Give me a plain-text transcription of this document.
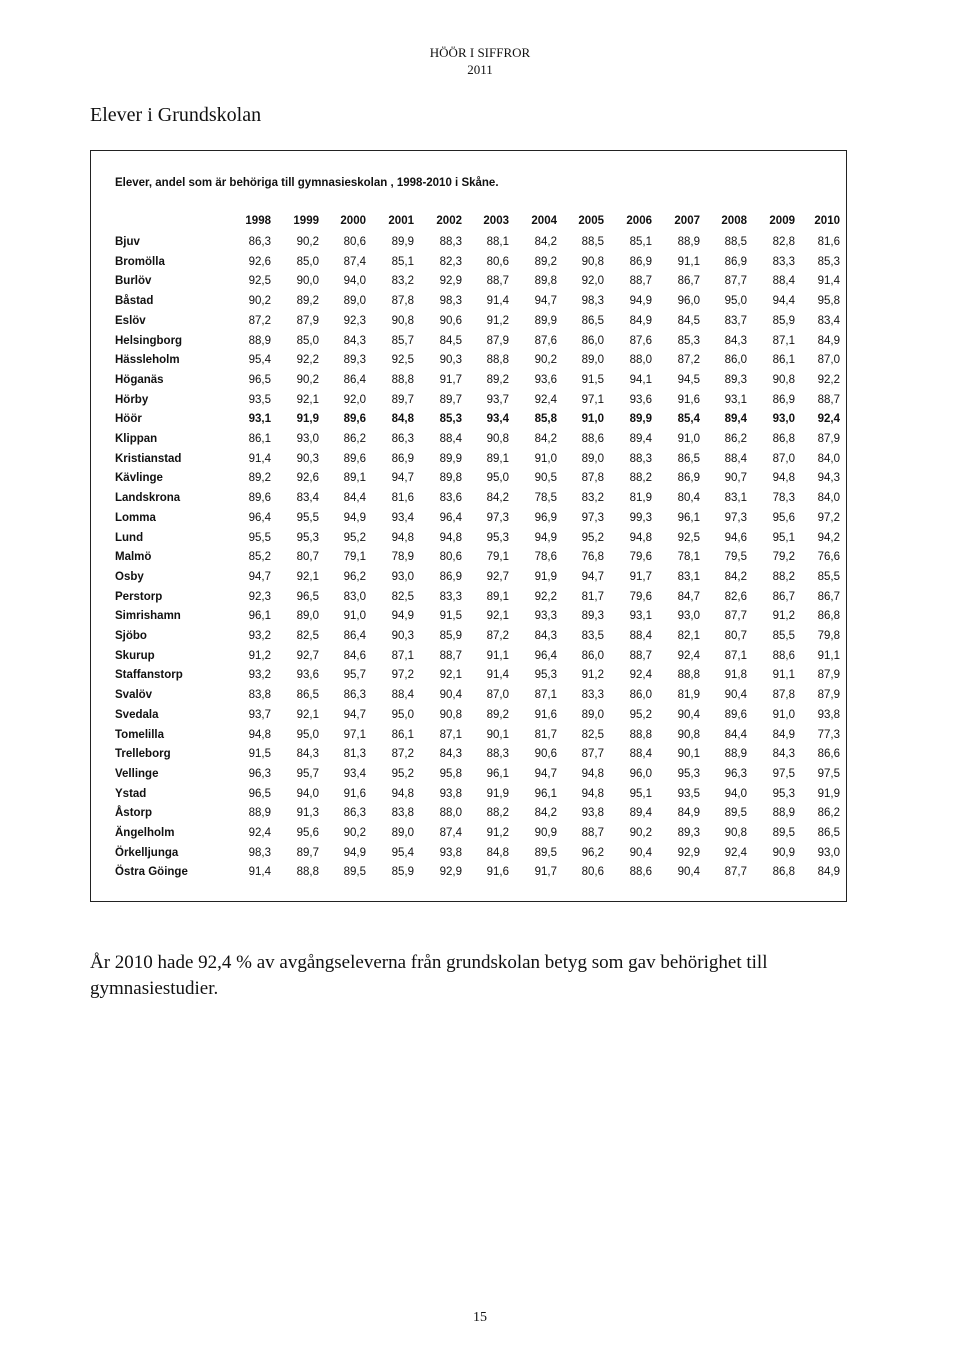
HÖÖR I SIFFROR
2011
Elever i Grundskolan
Elever, andel som är behöriga till gymnasieskolan , 1998-2010 i Skåne.
1998	1999	2000	2001	2002	2003	2004	2005	2006	2007	2008	2009	2010
Bjuv	86,3	90,2	80,6	89,9	88,3	88,1	84,2	88,5	85,1	88,9	88,5	82,8	81,6
Bromölla	92,6	85,0	87,4	85,1	82,3	80,6	89,2	90,8	86,9	91,1	86,9	83,3	85,3
Burlöv	92,5	90,0	94,0	83,2	92,9	88,7	89,8	92,0	88,7	86,7	87,7	88,4	91,4
Båstad	90,2	89,2	89,0	87,8	98,3	91,4	94,7	98,3	94,9	96,0	95,0	94,4	95,8
Eslöv	87,2	87,9	92,3	90,8	90,6	91,2	89,9	86,5	84,9	84,5	83,7	85,9	83,4
Helsingborg	88,9	85,0	84,3	85,7	84,5	87,9	87,6	86,0	87,6	85,3	84,3	87,1	84,9
Hässleholm	95,4	92,2	89,3	92,5	90,3	88,8	90,2	89,0	88,0	87,2	86,0	86,1	87,0
Höganäs	96,5	90,2	86,4	88,8	91,7	89,2	93,6	91,5	94,1	94,5	89,3	90,8	92,2
Hörby	93,5	92,1	92,0	89,7	89,7	93,7	92,4	97,1	93,6	91,6	93,1	86,9	88,7
Höör	93,1	91,9	89,6	84,8	85,3	93,4	85,8	91,0	89,9	85,4	89,4	93,0	92,4
Klippan	86,1	93,0	86,2	86,3	88,4	90,8	84,2	88,6	89,4	91,0	86,2	86,8	87,9
Kristianstad	91,4	90,3	89,6	86,9	89,9	89,1	91,0	89,0	88,3	86,5	88,4	87,0	84,0
Kävlinge	89,2	92,6	89,1	94,7	89,8	95,0	90,5	87,8	88,2	86,9	90,7	94,8	94,3
Landskrona	89,6	83,4	84,4	81,6	83,6	84,2	78,5	83,2	81,9	80,4	83,1	78,3	84,0
Lomma	96,4	95,5	94,9	93,4	96,4	97,3	96,9	97,3	99,3	96,1	97,3	95,6	97,2
Lund	95,5	95,3	95,2	94,8	94,8	95,3	94,9	95,2	94,8	92,5	94,6	95,1	94,2
Malmö	85,2	80,7	79,1	78,9	80,6	79,1	78,6	76,8	79,6	78,1	79,5	79,2	76,6
Osby	94,7	92,1	96,2	93,0	86,9	92,7	91,9	94,7	91,7	83,1	84,2	88,2	85,5
Perstorp	92,3	96,5	83,0	82,5	83,3	89,1	92,2	81,7	79,6	84,7	82,6	86,7	86,7
Simrishamn	96,1	89,0	91,0	94,9	91,5	92,1	93,3	89,3	93,1	93,0	87,7	91,2	86,8
Sjöbo	93,2	82,5	86,4	90,3	85,9	87,2	84,3	83,5	88,4	82,1	80,7	85,5	79,8
Skurup	91,2	92,7	84,6	87,1	88,7	91,1	96,4	86,0	88,7	92,4	87,1	88,6	91,1
Staffanstorp	93,2	93,6	95,7	97,2	92,1	91,4	95,3	91,2	92,4	88,8	91,8	91,1	87,9
Svalöv	83,8	86,5	86,3	88,4	90,4	87,0	87,1	83,3	86,0	81,9	90,4	87,8	87,9
Svedala	93,7	92,1	94,7	95,0	90,8	89,2	91,6	89,0	95,2	90,4	89,6	91,0	93,8
Tomelilla	94,8	95,0	97,1	86,1	87,1	90,1	81,7	82,5	88,8	90,8	84,4	84,9	77,3
Trelleborg	91,5	84,3	81,3	87,2	84,3	88,3	90,6	87,7	88,4	90,1	88,9	84,3	86,6
Vellinge	96,3	95,7	93,4	95,2	95,8	96,1	94,7	94,8	96,0	95,3	96,3	97,5	97,5
Ystad	96,5	94,0	91,6	94,8	93,8	91,9	96,1	94,8	95,1	93,5	94,0	95,3	91,9
Åstorp	88,9	91,3	86,3	83,8	88,0	88,2	84,2	93,8	89,4	84,9	89,5	88,9	86,2
Ängelholm	92,4	95,6	90,2	89,0	87,4	91,2	90,9	88,7	90,2	89,3	90,8	89,5	86,5
Örkelljunga	98,3	89,7	94,9	95,4	93,8	84,8	89,5	96,2	90,4	92,9	92,4	90,9	93,0
Östra Göinge	91,4	88,8	89,5	85,9	92,9	91,6	91,7	80,6	88,6	90,4	87,7	86,8	84,9
År 2010 hade 92,4 % av avgångseleverna från grundskolan betyg som gav behörighet till gymnasiestudier.
15
